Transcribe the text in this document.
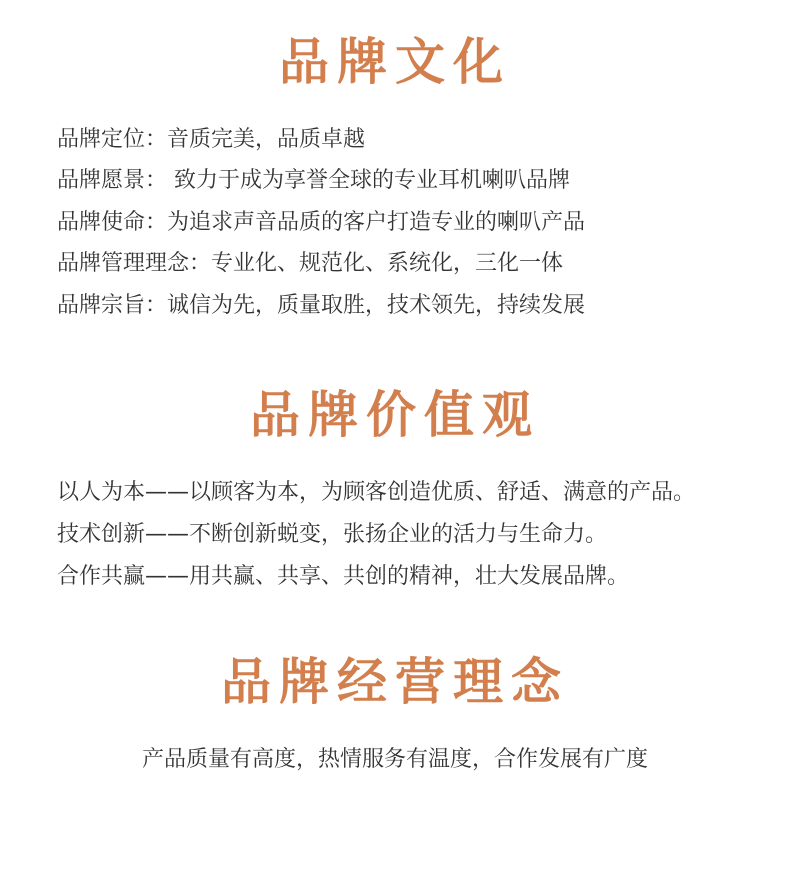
品牌文化
品牌定位：音质完美，品质卓越
品牌愿景： 致力于成为享誉全球的专业耳机喇叭品牌
品牌使命：为追求声音品质的客户打造专业的喇叭产品
品牌管理理念：专业化、规范化、系统化，三化一体
品牌宗旨：诚信为先，质量取胜，技术领先，持续发展
品牌价值观
以人为本——以顾客为本，为顾客创造优质、舒适、满意的产品。
技术创新——不断创新蜕变，张扬企业的活力与生命力。
合作共赢——用共赢、共享、共创的精神，壮大发展品牌。
品牌经营理念
产品质量有高度，热情服务有温度，合作发展有广度
